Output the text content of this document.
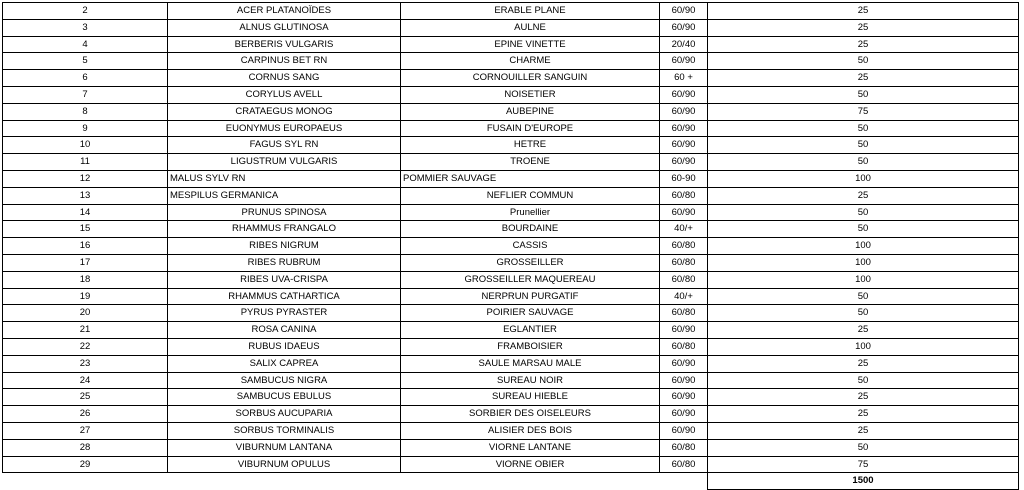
2	ACER PLATANOÏDES	ERABLE PLANE	60/90	25
3	ALNUS GLUTINOSA	AULNE	60/90	25
4	BERBERIS VULGARIS	EPINE VINETTE	20/40	25
5	CARPINUS BET RN	CHARME	60/90	50
6	CORNUS SANG	CORNOUILLER SANGUIN	60 +	25
7	CORYLUS AVELL	NOISETIER	60/90	50
8	CRATAEGUS MONOG	AUBEPINE	60/90	75
9	EUONYMUS EUROPAEUS	FUSAIN D'EUROPE	60/90	50
10	FAGUS SYL RN	HETRE	60/90	50
11	LIGUSTRUM VULGARIS	TROENE	60/90	50
12	MALUS SYLV RN	POMMIER SAUVAGE	60-90	100
13	MESPILUS GERMANICA	NEFLIER COMMUN	60/80	25
14	PRUNUS SPINOSA	Prunellier	60/90	50
15	RHAMMUS FRANGALO	BOURDAINE	40/+	50
16	RIBES NIGRUM	CASSIS	60/80	100
17	RIBES RUBRUM	GROSSEILLER	60/80	100
18	RIBES UVA-CRISPA	GROSSEILLER MAQUEREAU	60/80	100
19	RHAMMUS CATHARTICA	NERPRUN PURGATIF	40/+	50
20	PYRUS PYRASTER	POIRIER SAUVAGE	60/80	50
21	ROSA CANINA	EGLANTIER	60/90	25
22	RUBUS IDAEUS	FRAMBOISIER	60/80	100
23	SALIX CAPREA	SAULE MARSAU MALE	60/90	25
24	SAMBUCUS NIGRA	SUREAU NOIR	60/90	50
25	SAMBUCUS EBULUS	SUREAU HIEBLE	60/90	25
26	SORBUS AUCUPARIA	SORBIER DES OISELEURS	60/90	25
27	SORBUS TORMINALIS	ALISIER DES BOIS	60/90	25
28	VIBURNUM LANTANA	VIORNE LANTANE	60/80	50
29	VIBURNUM OPULUS	VIORNE OBIER	60/80	75
				1500
